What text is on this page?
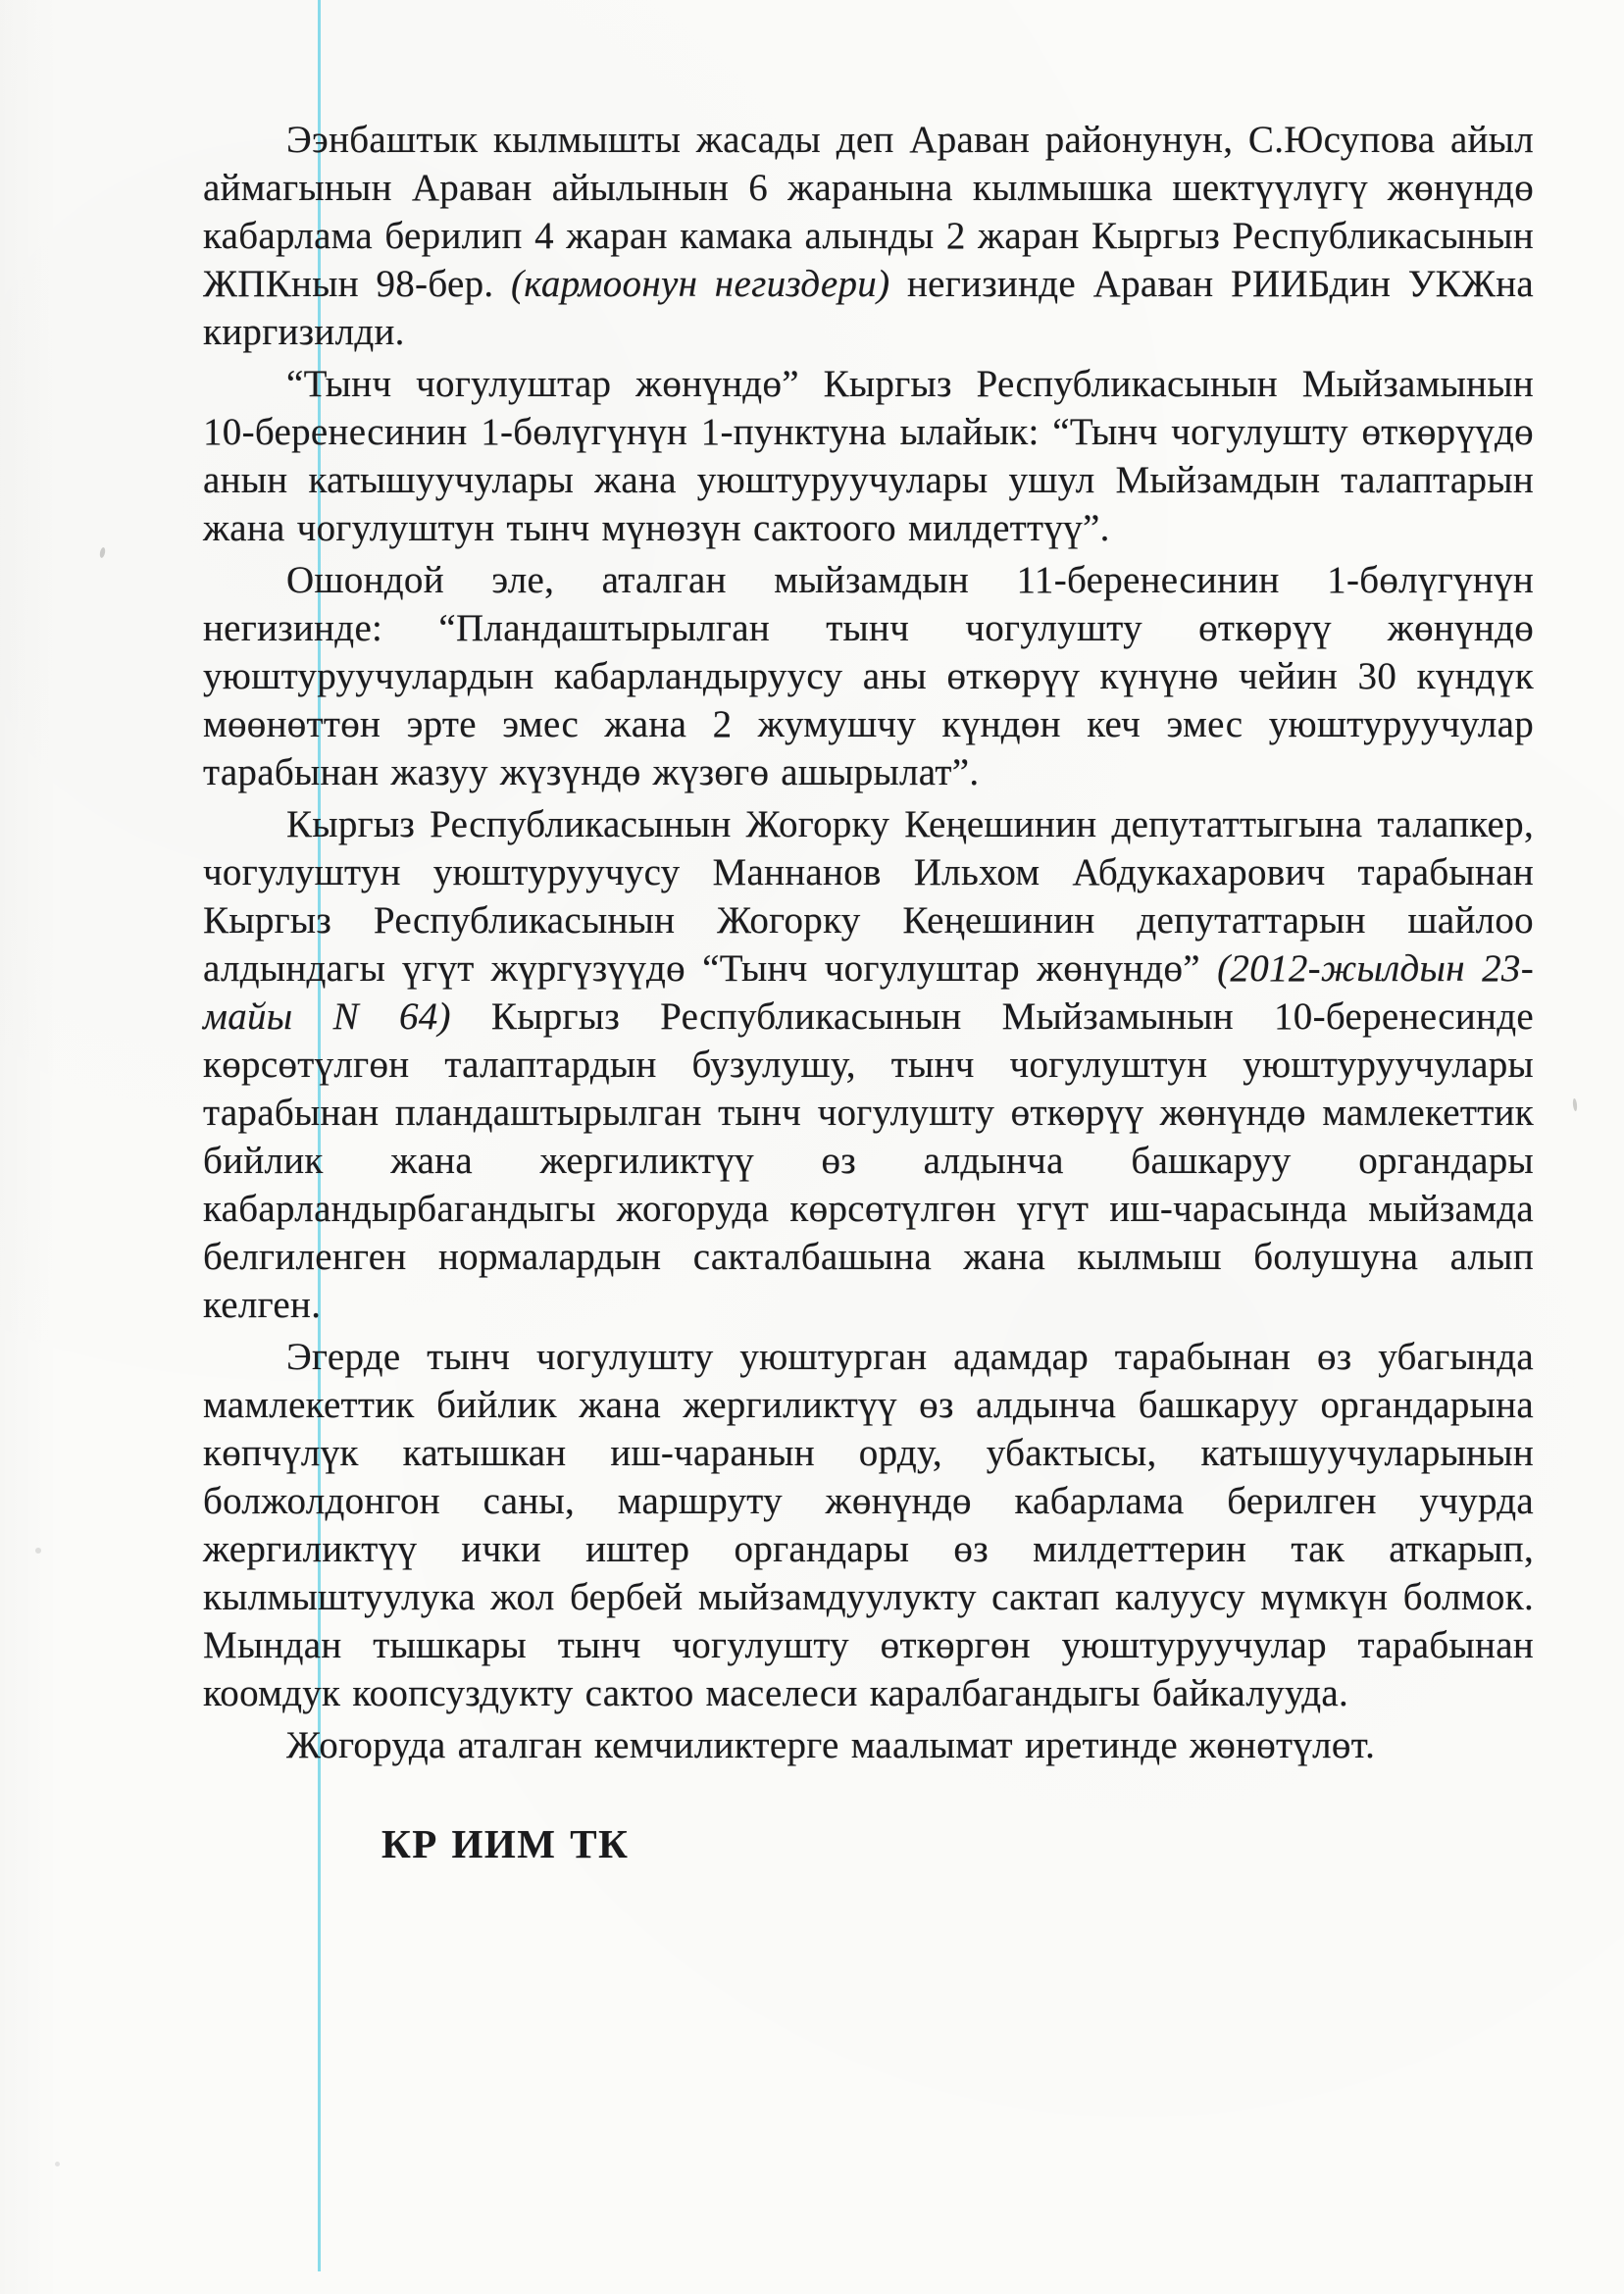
Ээнбаштык кылмышты жасады деп Араван районунун, С.Юсупова айыл аймагынын Араван айылынын 6 жаранына кылмышка шектүүлүгү жөнүндө кабарлама берилип 4 жаран камака алынды 2 жаран Кыргыз Республикасынын ЖПКнын 98-бер. (кармоонун негиздери) негизинде Араван РИИБдин УКЖна киргизилди.

“Тынч чогулуштар жөнүндө” Кыргыз Республикасынын Мыйзамынын 10-беренесинин 1-бөлүгүнүн 1-пунктуна ылайык: “Тынч чогулушту өткөрүүдө анын катышуучулары жана уюштуруучулары ушул Мыйзамдын талаптарын жана чогулуштун тынч мүнөзүн сактоого милдеттүү”.

Ошондой эле, аталган мыйзамдын 11-беренесинин 1-бөлүгүнүн негизинде: “Пландаштырылган тынч чогулушту өткөрүү жөнүндө уюштуруучулардын кабарландыруусу аны өткөрүү күнүнө чейин 30 күндүк мөөнөттөн эрте эмес жана 2 жумушчу күндөн кеч эмес уюштуруучулар тарабынан жазуу жүзүндө жүзөгө ашырылат”.

Кыргыз Республикасынын Жогорку Кеңешинин депутаттыгына талапкер, чогулуштун уюштуруучусу Маннанов Ильхом Абдукахарович тарабынан Кыргыз Республикасынын Жогорку Кеңешинин депутаттарын шайлоо алдындагы үгүт жүргүзүүдө “Тынч чогулуштар жөнүндө” (2012-жылдын 23-майы N 64) Кыргыз Республикасынын Мыйзамынын 10-беренесинде көрсөтүлгөн талаптардын бузулушу, тынч чогулуштун уюштуруучулары тарабынан пландаштырылган тынч чогулушту өткөрүү жөнүндө мамлекеттик бийлик жана жергиликтүү өз алдынча башкаруу органдары кабарландырбагандыгы жогоруда көрсөтүлгөн үгүт иш-чарасында мыйзамда белгиленген нормалардын сакталбашына жана кылмыш болушуна алып келген.

Эгерде тынч чогулушту уюштурган адамдар тарабынан өз убагында мамлекеттик бийлик жана жергиликтүү өз алдынча башкаруу органдарына көпчүлүк катышкан иш-чаранын орду, убактысы, катышуучуларынын болжолдонгон саны, маршруту жөнүндө кабарлама берилген учурда жергиликтүү ички иштер органдары өз милдеттерин так аткарып, кылмыштуулука жол бербей мыйзамдуулукту сактап калуусу мүмкүн болмок. Мындан тышкары тынч чогулушту өткөргөн уюштуруучулар тарабынан коомдук коопсуздукту сактоо маселеси каралбагандыгы байкалууда.

Жогоруда аталган кемчиликтерге маалымат иретинде жөнөтүлөт.

КР ИИМ ТК
